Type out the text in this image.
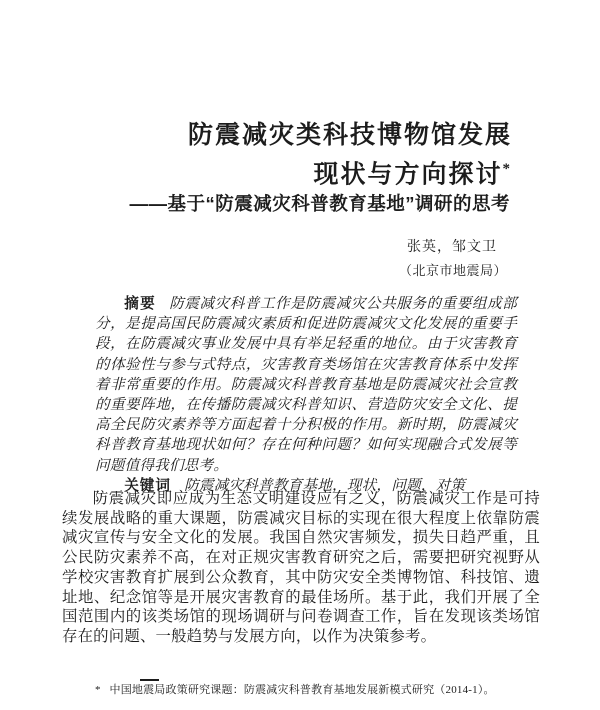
防震减灾类科技博物馆发展
现状与方向探讨*
——基于“防震减灾科普教育基地”调研的思考
张英，邹文卫
（北京市地震局）

摘要 防震减灾科普工作是防震减灾公共服务的重要组成部分，是提高国民防震减灾素质和促进防震减灾文化发展的重要手段，在防震减灾事业发展中具有举足轻重的地位。由于灾害教育的体验性与参与式特点，灾害教育类场馆在灾害教育体系中发挥着非常重要的作用。防震减灾科普教育基地是防震减灾社会宣教的重要阵地，在传播防震减灾科普知识、营造防灾安全文化、提高全民防灾素养等方面起着十分积极的作用。新时期，防震减灾科普教育基地现状如何？存在何种问题？如何实现融合式发展等问题值得我们思考。

关键词 防震减灾科普教育基地，现状，问题，对策

防震减灾即应成为生态文明建设应有之义，防震减灾工作是可持续发展战略的重大课题，防震减灾目标的实现在很大程度上依靠防震减灾宣传与安全文化的发展。我国自然灾害频发，损失日趋严重，且公民防灾素养不高，在对正规灾害教育研究之后，需要把研究视野从学校灾害教育扩展到公众教育，其中防灾安全类博物馆、科技馆、遗址地、纪念馆等是开展灾害教育的最佳场所。基于此，我们开展了全国范围内的该类场馆的现场调研与问卷调查工作，旨在发现该类场馆存在的问题、一般趋势与发展方向，以作为决策参考。

* 中国地震局政策研究课题：防震减灾科普教育基地发展新模式研究（2014-1）。
